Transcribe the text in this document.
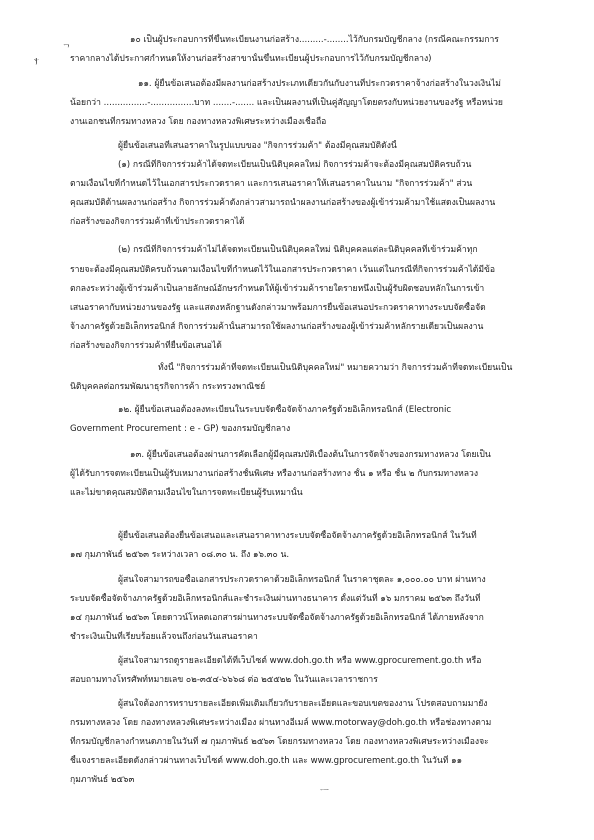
ᄀ
ⲯ
ᅳ
๑๐ เป็นผู้ประกอบการที่ขึ้นทะเบียนงานก่อสร้าง.........-........ไว้กับกรมบัญชีกลาง (กรณีคณะกรรมการ
ราคากลางได้ประกาศกำหนดให้งานก่อสร้างสาขานั้นขึ้นทะเบียนผู้ประกอบการไว้กับกรมบัญชีกลาง)
๑๑. ผู้ยื่นข้อเสนอต้องมีผลงานก่อสร้างประเภทเดียวกันกับงานที่ประกวดราคาจ้างก่อสร้างในวงเงินไม่
น้อยกว่า ................-................บาท .......-....... และเป็นผลงานที่เป็นคู่สัญญาโดยตรงกับหน่วยงานของรัฐ หรือหน่วย
งานเอกชนที่กรมทางหลวง โดย กองทางหลวงพิเศษระหว่างเมืองเชื่อถือ
ผู้ยื่นข้อเสนอที่เสนอราคาในรูปแบบของ "กิจการร่วมค้า" ต้องมีคุณสมบัติดังนี้
(๑) กรณีที่กิจการร่วมค้าได้จดทะเบียนเป็นนิติบุคคลใหม่ กิจการร่วมค้าจะต้องมีคุณสมบัติครบถ้วน
ตามเงื่อนไขที่กำหนดไว้ในเอกสารประกวดราคา และการเสนอราคาให้เสนอราคาในนาม "กิจการร่วมค้า" ส่วน
คุณสมบัติด้านผลงานก่อสร้าง กิจการร่วมค้าดังกล่าวสามารถนำผลงานก่อสร้างของผู้เข้าร่วมค้ามาใช้แสดงเป็นผลงาน
ก่อสร้างของกิจการร่วมค้าที่เข้าประกวดราคาได้
(๒) กรณีที่กิจการร่วมค้าไม่ได้จดทะเบียนเป็นนิติบุคคลใหม่ นิติบุคคลแต่ละนิติบุคคลที่เข้าร่วมค้าทุก
รายจะต้องมีคุณสมบัติครบถ้วนตามเงื่อนไขที่กำหนดไว้ในเอกสารประกวดราคา เว้นแต่ในกรณีที่กิจการร่วมค้าได้มีข้อ
ตกลงระหว่างผู้เข้าร่วมค้าเป็นลายลักษณ์อักษรกำหนดให้ผู้เข้าร่วมค้ารายใดรายหนึ่งเป็นผู้รับผิดชอบหลักในการเข้า
เสนอราคากับหน่วยงานของรัฐ และแสดงหลักฐานดังกล่าวมาพร้อมการยื่นข้อเสนอประกวดราคาทางระบบจัดซื้อจัด
จ้างภาครัฐด้วยอิเล็กทรอนิกส์ กิจการร่วมค้านั้นสามารถใช้ผลงานก่อสร้างของผู้เข้าร่วมค้าหลักรายเดียวเป็นผลงาน
ก่อสร้างของกิจการร่วมค้าที่ยื่นข้อเสนอได้
ทั้งนี้ "กิจการร่วมค้าที่จดทะเบียนเป็นนิติบุคคลใหม่" หมายความว่า กิจการร่วมค้าที่จดทะเบียนเป็น
นิติบุคคลต่อกรมพัฒนาธุรกิจการค้า กระทรวงพาณิชย์
๑๒. ผู้ยื่นข้อเสนอต้องลงทะเบียนในระบบจัดซื้อจัดจ้างภาครัฐด้วยอิเล็กทรอนิกส์ (Electronic
Government Procurement : e - GP) ของกรมบัญชีกลาง
๑๓. ผู้ยื่นข้อเสนอต้องผ่านการคัดเลือกผู้มีคุณสมบัติเบื้องต้นในการจัดจ้างของกรมทางหลวง โดยเป็น
ผู้ได้รับการจดทะเบียนเป็นผู้รับเหมางานก่อสร้างชั้นพิเศษ หรืองานก่อสร้างทาง ชั้น ๑ หรือ ชั้น ๒ กับกรมทางหลวง
และไม่ขาดคุณสมบัติตามเงื่อนไขในการจดทะเบียนผู้รับเหมานั้น
ผู้ยื่นข้อเสนอต้องยื่นข้อเสนอและเสนอราคาทางระบบจัดซื้อจัดจ้างภาครัฐด้วยอิเล็กทรอนิกส์ ในวันที่
๑๗ กุมภาพันธ์ ๒๕๖๓ ระหว่างเวลา ๐๘.๓๐ น. ถึง ๑๖.๓๐ น.
ผู้สนใจสามารถขอซื้อเอกสารประกวดราคาด้วยอิเล็กทรอนิกส์ ในราคาชุดละ ๑,๐๐๐.๐๐ บาท ผ่านทาง
ระบบจัดซื้อจัดจ้างภาครัฐด้วยอิเล็กทรอนิกส์และชำระเงินผ่านทางธนาคาร ตั้งแต่วันที่ ๑๖ มกราคม ๒๕๖๓ ถึงวันที่
๑๔ กุมภาพันธ์ ๒๕๖๓ โดยดาวน์โหลดเอกสารผ่านทางระบบจัดซื้อจัดจ้างภาครัฐด้วยอิเล็กทรอนิกส์ ได้ภายหลังจาก
ชำระเงินเป็นที่เรียบร้อยแล้วจนถึงก่อนวันเสนอราคา
ผู้สนใจสามารถดูรายละเอียดได้ที่เว็บไซต์ www.doh.go.th หรือ www.gprocurement.go.th หรือ
สอบถามทางโทรศัพท์หมายเลข ๐๒-๓๕๔-๖๖๖๘ ต่อ ๒๕๕๒๒ ในวันและเวลาราชการ
ผู้สนใจต้องการทราบรายละเอียดเพิ่มเติมเกี่ยวกับรายละเอียดและขอบเขตของงาน โปรดสอบถามมายัง
กรมทางหลวง โดย กองทางหลวงพิเศษระหว่างเมือง ผ่านทางอีเมล์ www.motorway@doh.go.th หรือช่องทางตาม
ที่กรมบัญชีกลางกำหนดภายในวันที่ ๗ กุมภาพันธ์ ๒๕๖๓ โดยกรมทางหลวง โดย กองทางหลวงพิเศษระหว่างเมืองจะ
ชี้แจงรายละเอียดดังกล่าวผ่านทางเว็บไซต์ www.doh.go.th และ www.gprocurement.go.th ในวันที่ ๑๑
กุมภาพันธ์ ๒๕๖๓
